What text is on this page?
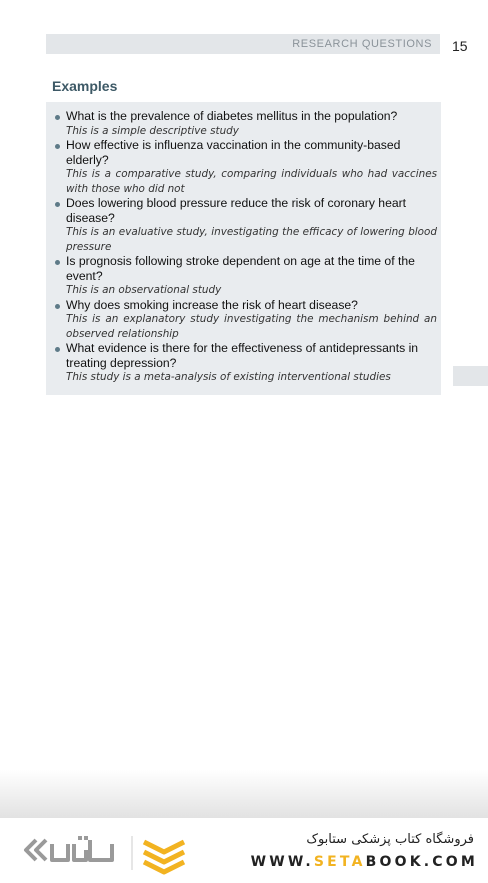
RESEARCH QUESTIONS 15
Examples
What is the prevalence of diabetes mellitus in the population?
This is a simple descriptive study
How effective is influenza vaccination in the community-based elderly?
This is a comparative study, comparing individuals who had vaccines with those who did not
Does lowering blood pressure reduce the risk of coronary heart disease?
This is an evaluative study, investigating the efficacy of lowering blood pressure
Is prognosis following stroke dependent on age at the time of the event?
This is an observational study
Why does smoking increase the risk of heart disease?
This is an explanatory study investigating the mechanism behind an observed relationship
What evidence is there for the effectiveness of antidepressants in treating depression?
This study is a meta-analysis of existing interventional studies
فروشگاه کتاب پزشکی ستابوک
WWW.SETABOOK.COM
